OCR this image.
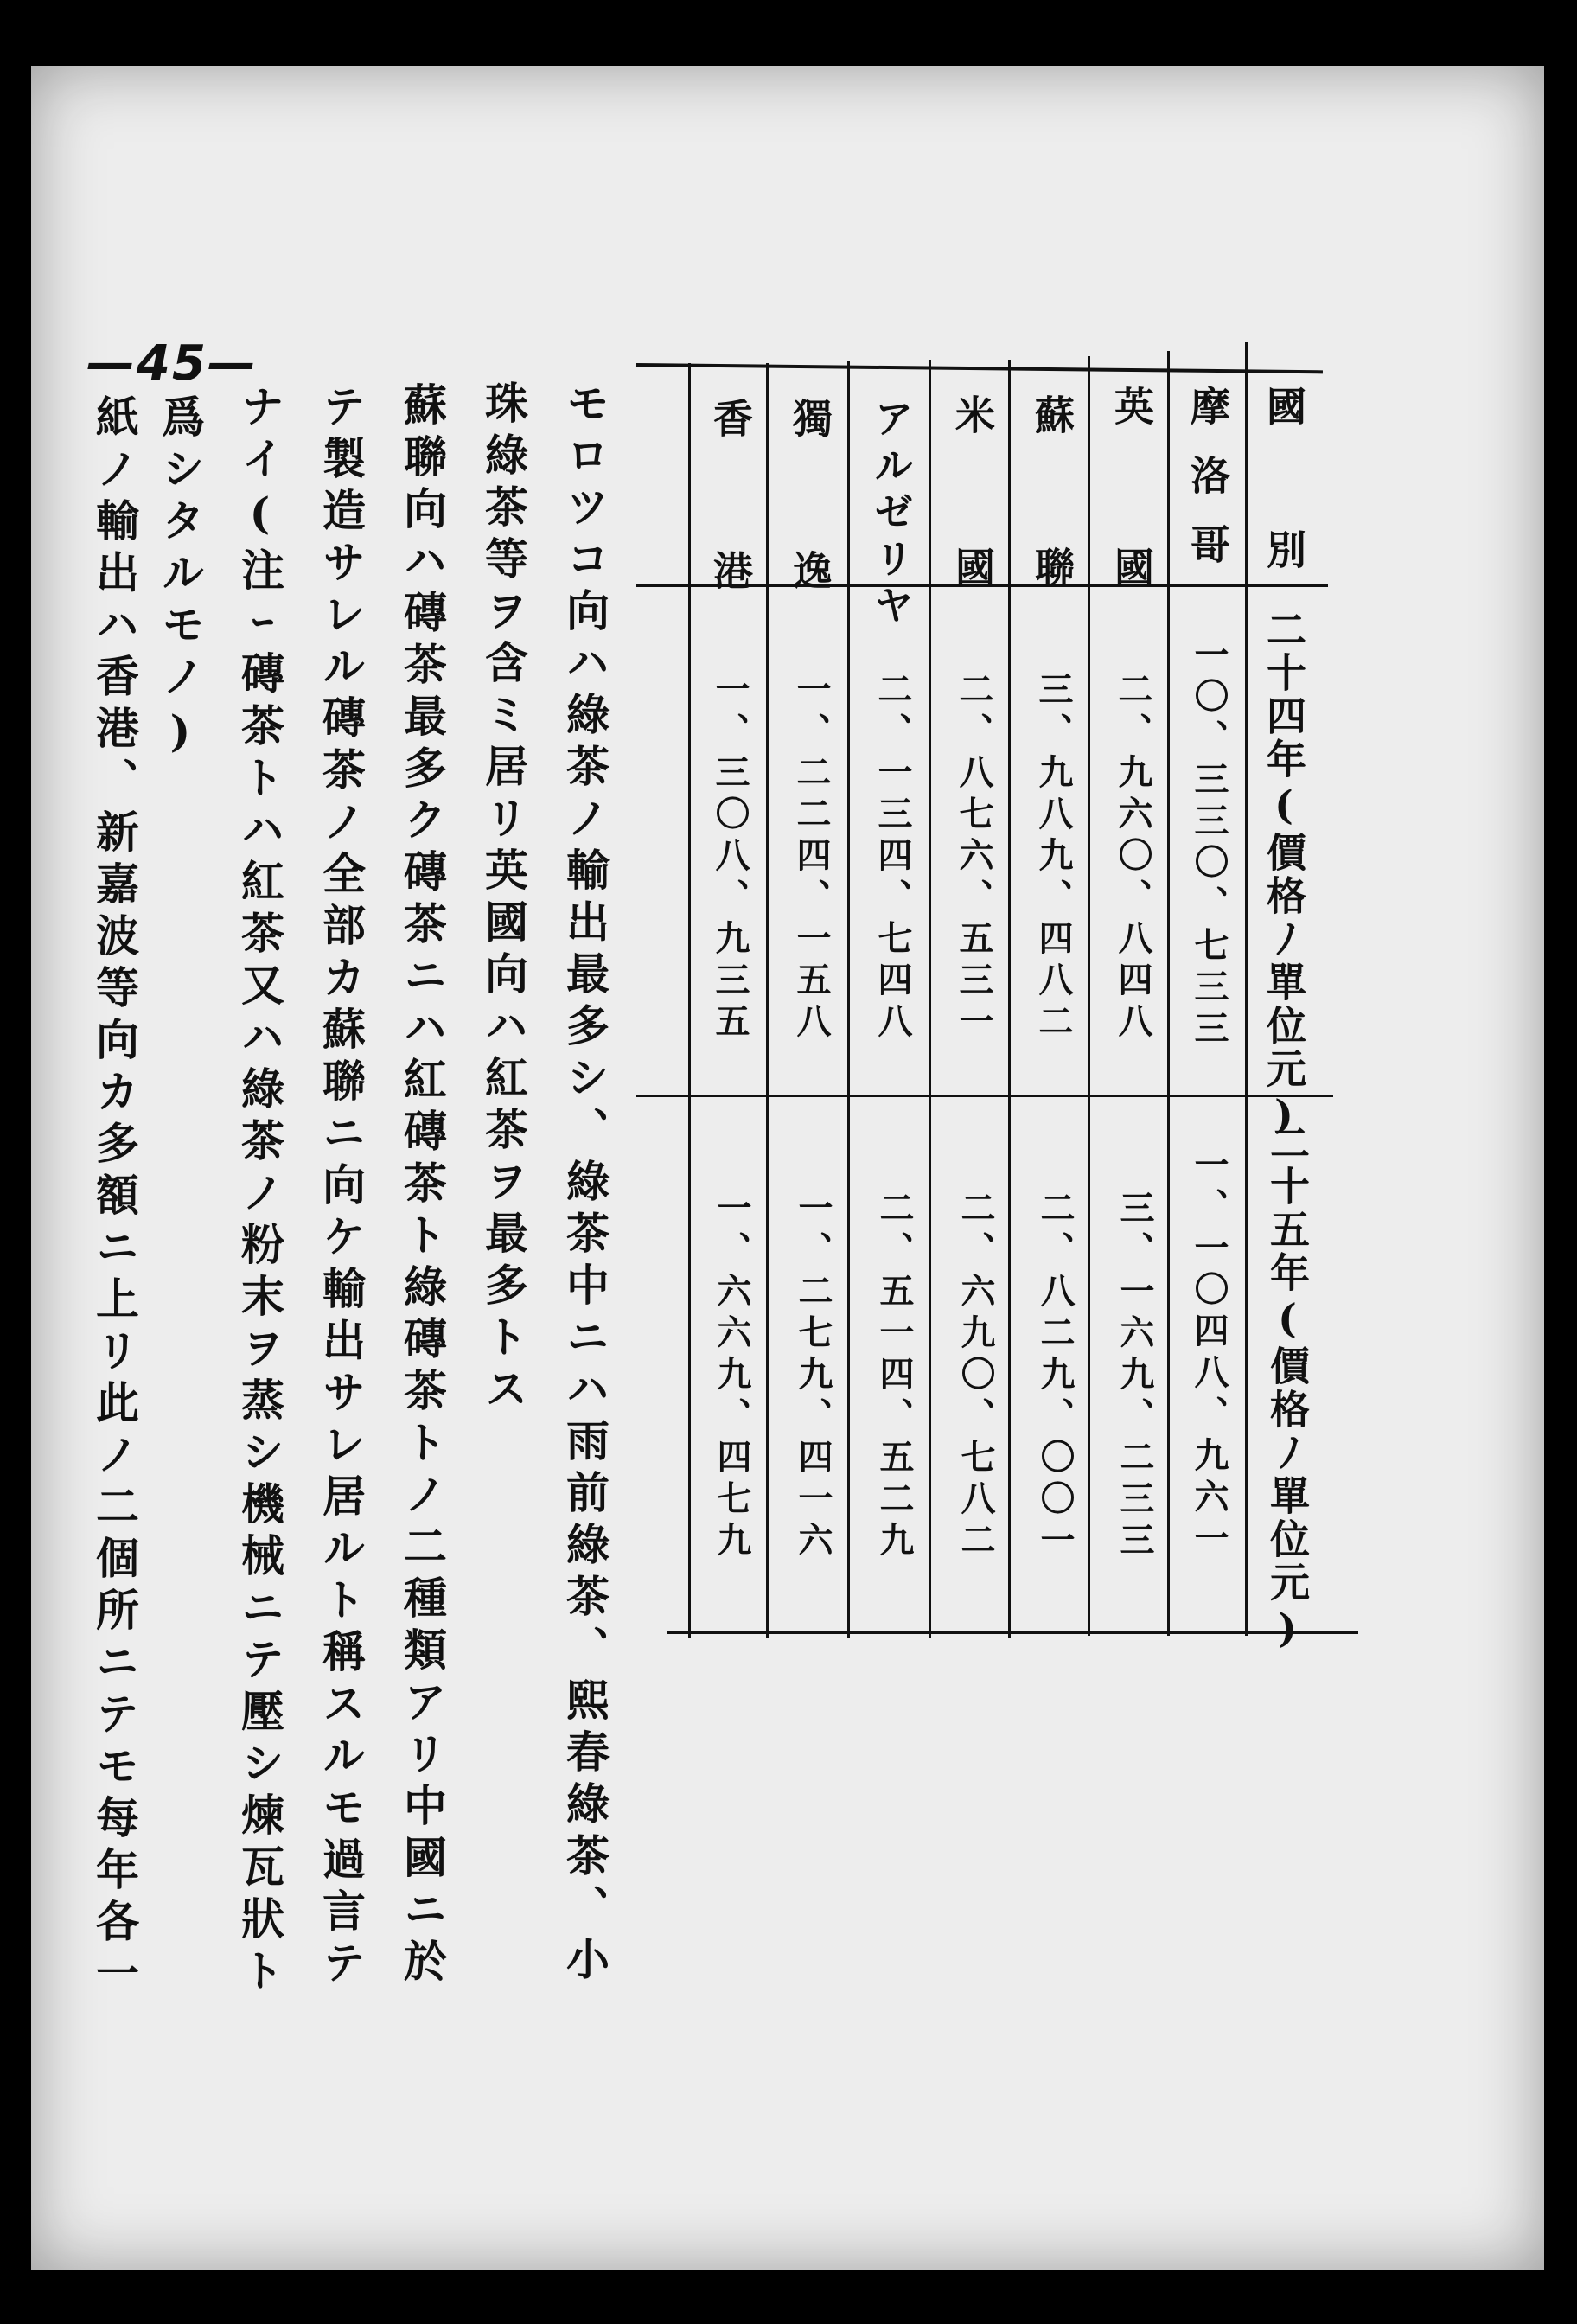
國別
二十四年(價格ﾉ單位元)
二十五年(價格ﾉ單位元)
摩洛哥
一〇、三三〇、七三三
一、一〇四八、九六一
英國
二、九六〇、八四八
三、一六九、二三三
蘇聯
三、九八九、四八二
二、八二九、〇〇一
米國
二、八七六、五三一
二、六九〇、七八二
アルゼリヤ
二、一三四、七四八
二、五一四、五二九
獨逸
一、二二四、一五八
一、二七九、四一六
香港
一、三〇八、九三五
一、六六九、四七九
モロツコ向ハ綠茶ノ輸出最多シ、綠茶中ニハ雨前綠茶、熙春綠茶、小
珠綠茶等ヲ含ミ居リ英國向ハ紅茶ヲ最多トス
蘇聯向ハ磚茶最多ク磚茶ニハ紅磚茶ト綠磚茶トノ二種類アリ中國ニ於
テ製造サレル磚茶ノ全部カ蘇聯ニ向ケ輸出サレ居ルト稱スルモ過言テ
ナイ(注ｰ磚茶トハ紅茶又ハ綠茶ノ粉末ヲ蒸シ機械ニテ壓シ煉瓦狀ト
爲シタルモノ)
紙ノ輸出ハ香港、新嘉波等向カ多額ニ上リ此ノ二個所ニテモ每年各一
—45—
